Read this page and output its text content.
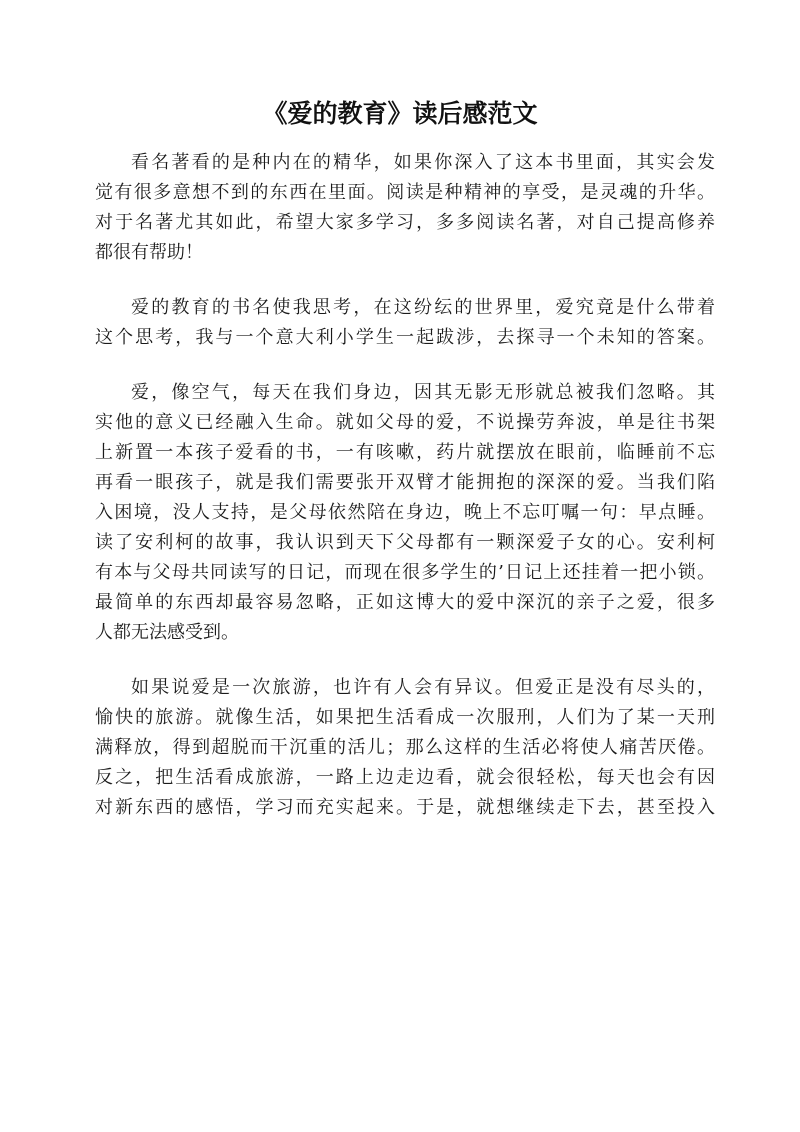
《爱的教育》读后感范文
看名著看的是种内在的精华，如果你深入了这本书里面，其实会发
觉有很多意想不到的东西在里面。阅读是种精神的享受，是灵魂的升华。
对于名著尤其如此，希望大家多学习，多多阅读名著，对自己提高修养
都很有帮助！
爱的教育的书名使我思考，在这纷纭的世界里，爱究竟是什么带着
这个思考，我与一个意大利小学生一起跋涉，去探寻一个未知的答案。
爱，像空气，每天在我们身边，因其无影无形就总被我们忽略。其
实他的意义已经融入生命。就如父母的爱，不说操劳奔波，单是往书架
上新置一本孩子爱看的书，一有咳嗽，药片就摆放在眼前，临睡前不忘
再看一眼孩子，就是我们需要张开双臂才能拥抱的深深的爱。当我们陷
入困境，没人支持，是父母依然陪在身边，晚上不忘叮嘱一句：早点睡。
读了安利柯的故事，我认识到天下父母都有一颗深爱子女的心。安利柯
有本与父母共同读写的日记，而现在很多学生的’日记上还挂着一把小锁。
最简单的东西却最容易忽略，正如这博大的爱中深沉的亲子之爱，很多
人都无法感受到。
如果说爱是一次旅游，也许有人会有异议。但爱正是没有尽头的，
愉快的旅游。就像生活，如果把生活看成一次服刑，人们为了某一天刑
满释放，得到超脱而干沉重的活儿；那么这样的生活必将使人痛苦厌倦。
反之，把生活看成旅游，一路上边走边看，就会很轻松，每天也会有因
对新东西的感悟，学习而充实起来。于是，就想继续走下去，甚至投入
